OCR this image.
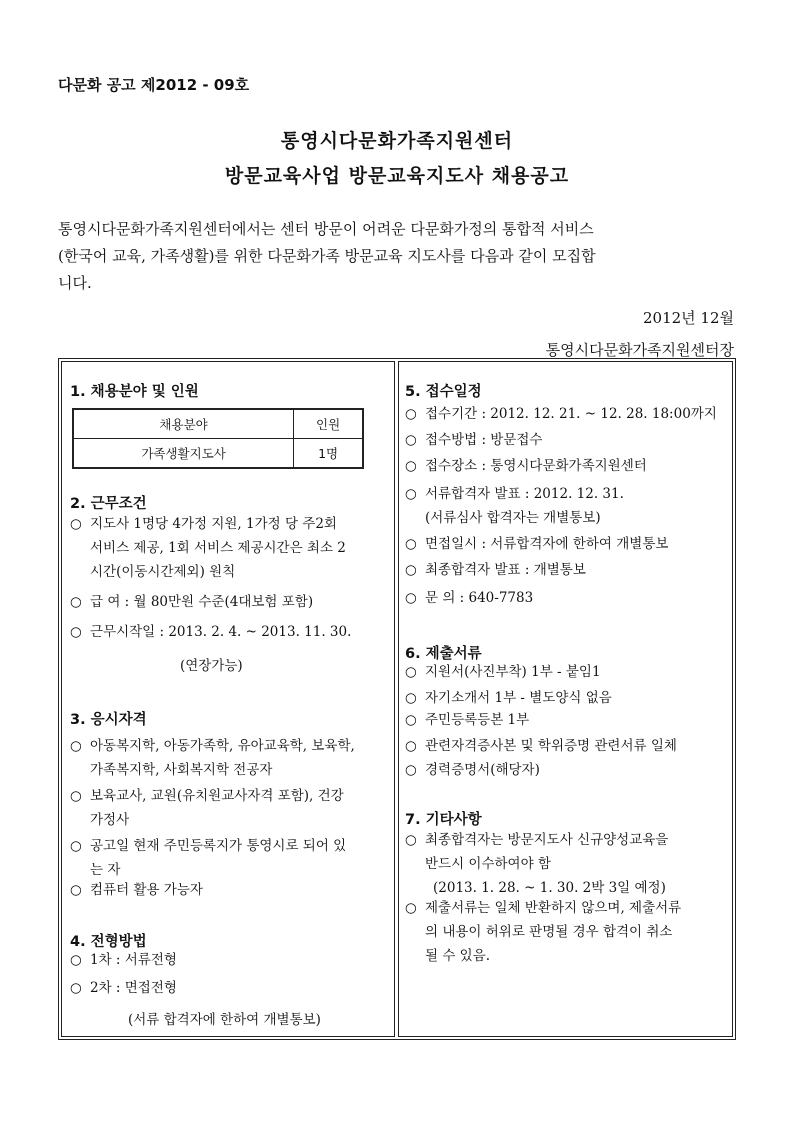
다문화 공고 제2012 - 09호
통영시다문화가족지원센터
방문교육사업 방문교육지도사 채용공고

통영시다문화가족지원센터에서는 센터 방문이 어려운 다문화가정의 통합적 서비스

(한국어 교육, 가족생활)를 위한 다문화가족 방문교육 지도사를 다음과 같이 모집합

니다.

2012년 12월
통영시다문화가족지원센터장
1. 채용분야 및 인원
채용분야	인원
가족생활지도사	1명
2. 근무조건
○ 지도사 1명당 4가정 지원, 1가정 당 주2회
서비스 제공, 1회 서비스 제공시간은 최소 2
시간(이동시간제외) 원칙
○ 급 여 : 월 80만원 수준(4대보험 포함)
○ 근무시작일 : 2013. 2. 4. ~ 2013. 11. 30.
(연장가능)
3. 응시자격
○ 아동복지학, 아동가족학, 유아교육학, 보육학,
가족복지학, 사회복지학 전공자
○ 보육교사, 교원(유치원교사자격 포함), 건강
가정사
○ 공고일 현재 주민등록지가 통영시로 되어 있
는 자
○ 컴퓨터 활용 가능자
4. 전형방법
○ 1차 : 서류전형
○ 2차 : 면접전형
(서류 합격자에 한하여 개별통보)
5. 접수일정
○ 접수기간 : 2012. 12. 21. ~ 12. 28. 18:00까지
○ 접수방법 : 방문접수
○ 접수장소 : 통영시다문화가족지원센터
○ 서류합격자 발표 : 2012. 12. 31.
(서류심사 합격자는 개별통보)
○ 면접일시 : 서류합격자에 한하여 개별통보
○ 최종합격자 발표 : 개별통보
○ 문 의 : 640-7783
6. 제출서류
○ 지원서(사진부착) 1부 - 붙임1
○ 자기소개서 1부 - 별도양식 없음
○ 주민등록등본 1부
○ 관련자격증사본 및 학위증명 관련서류 일체
○ 경력증명서(해당자)
7. 기타사항
○ 최종합격자는 방문지도사 신규양성교육을
반드시 이수하여야 함
(2013. 1. 28. ~ 1. 30. 2박 3일 예정)
○ 제출서류는 일체 반환하지 않으며, 제출서류
의 내용이 허위로 판명될 경우 합격이 취소
될 수 있음.
